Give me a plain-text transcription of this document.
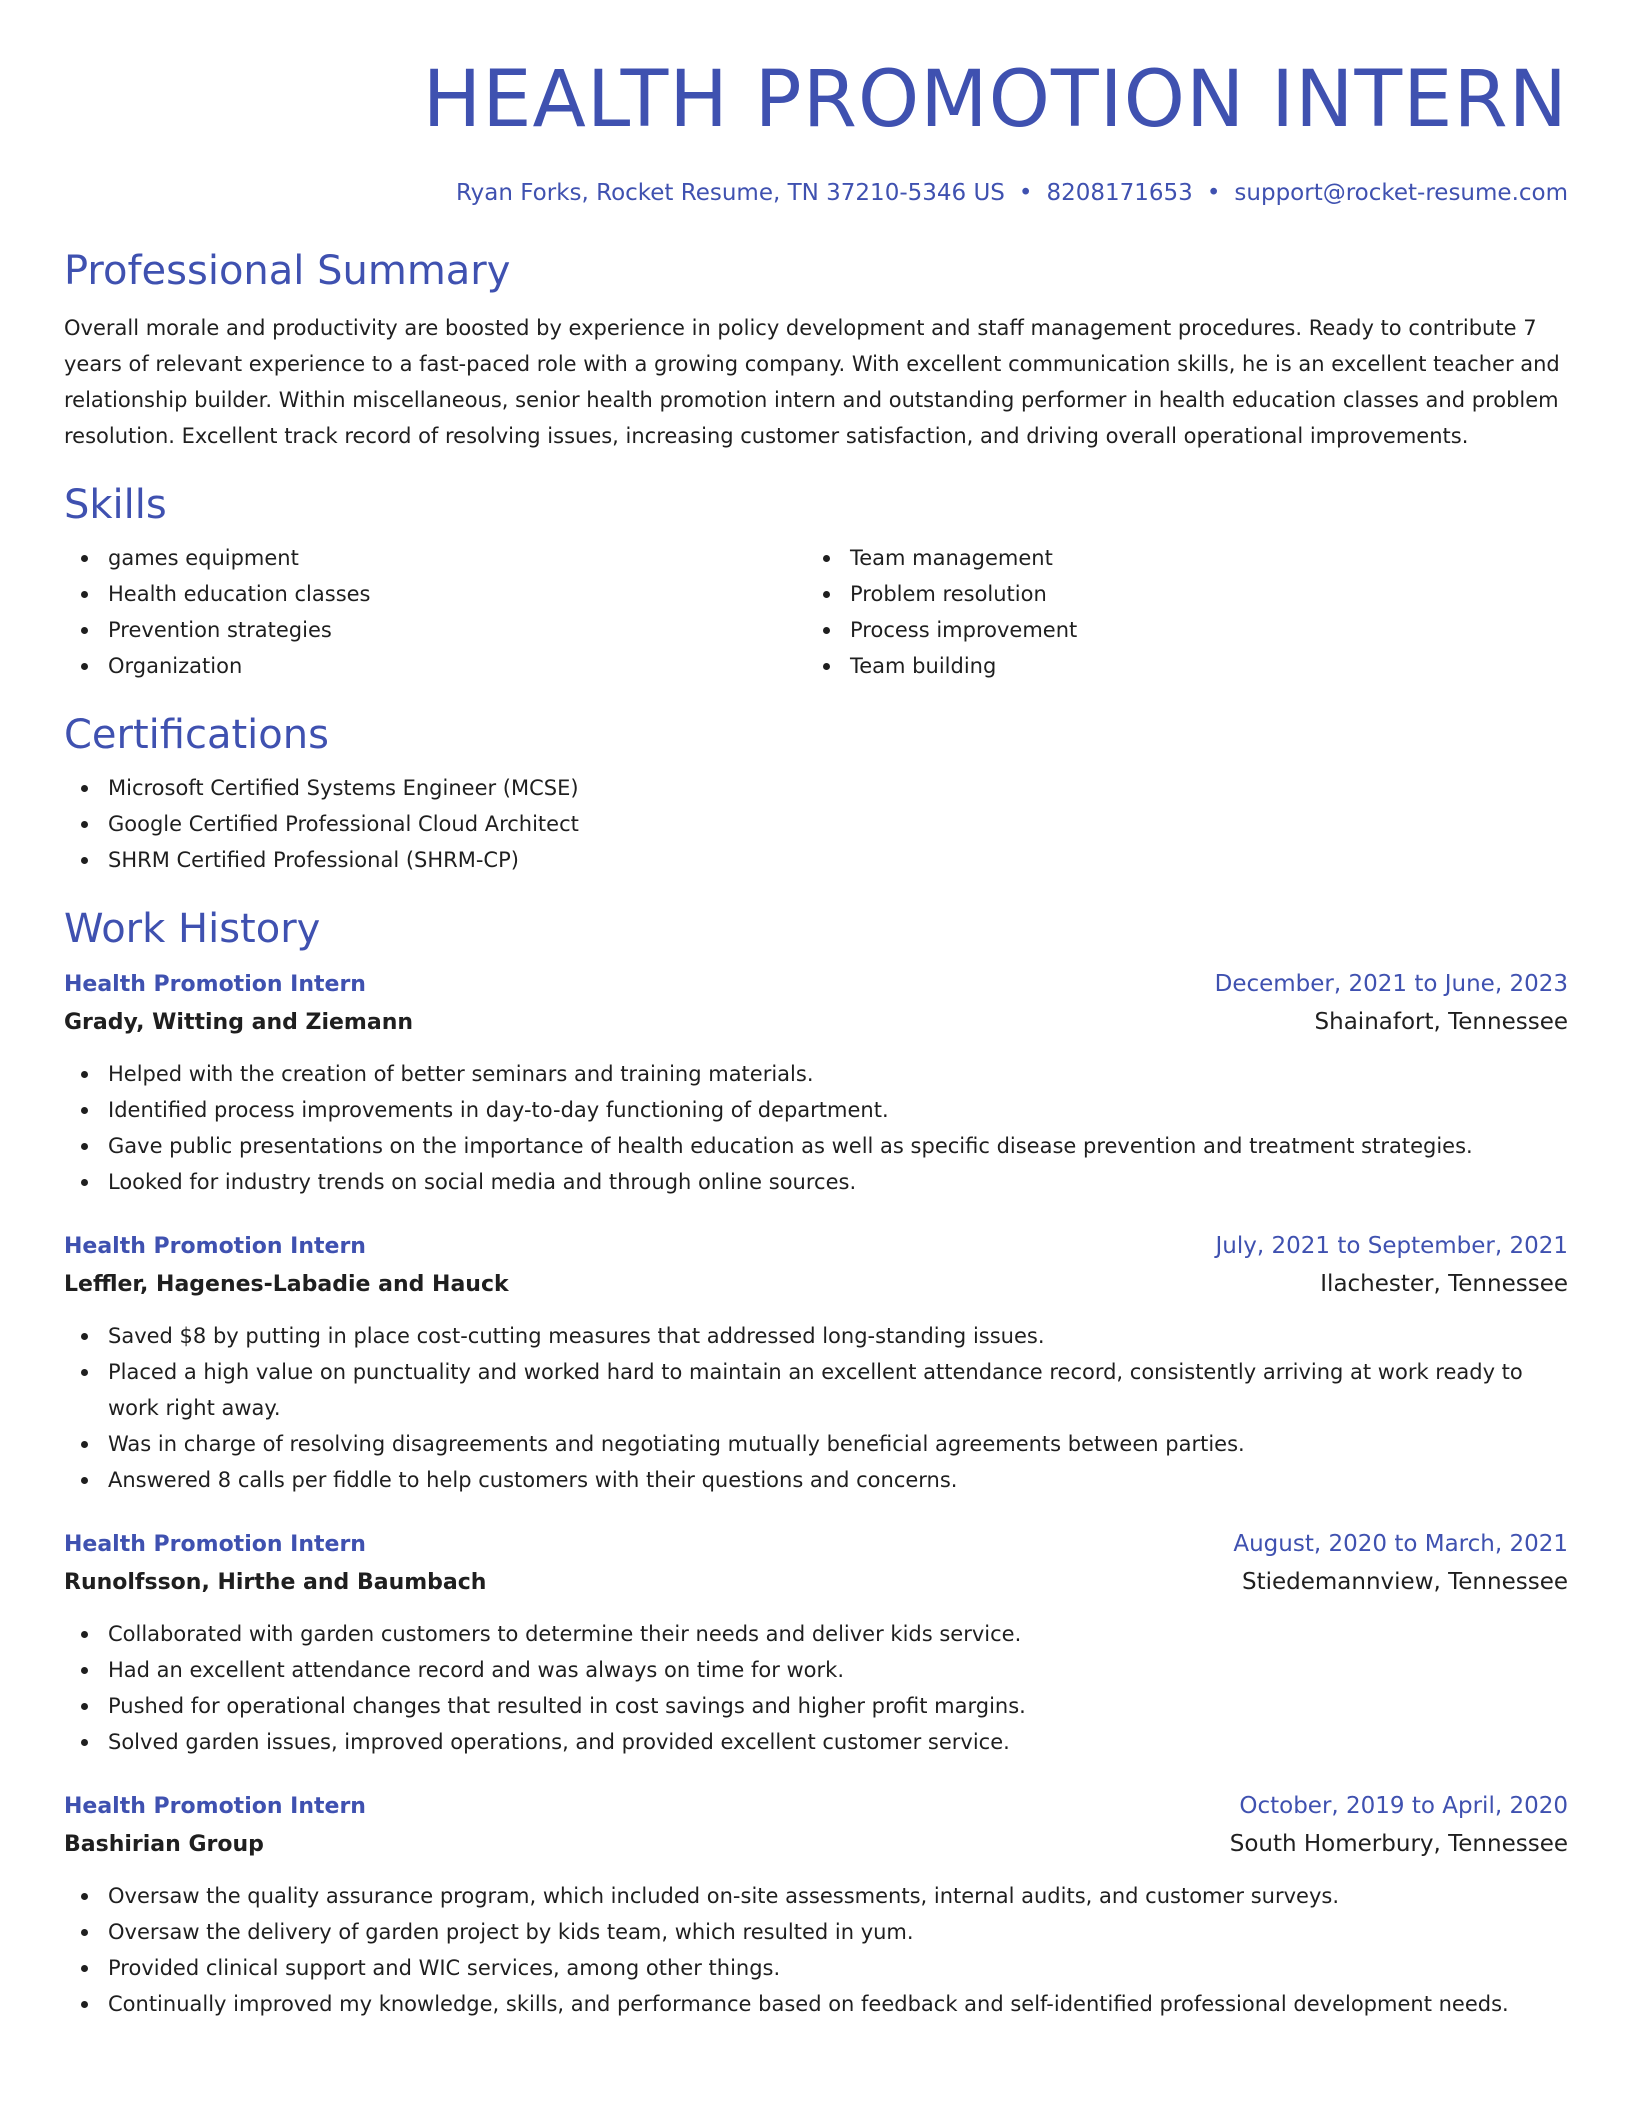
HEALTH PROMOTION INTERN
Ryan Forks, Rocket Resume, TN 37210-5346 US • 8208171653 • support@rocket-resume.com
Professional Summary
Overall morale and productivity are boosted by experience in policy development and staff management procedures. Ready to contribute 7 years of relevant experience to a fast-paced role with a growing company. With excellent communication skills, he is an excellent teacher and relationship builder. Within miscellaneous, senior health promotion intern and outstanding performer in health education classes and problem resolution. Excellent track record of resolving issues, increasing customer satisfaction, and driving overall operational improvements.
Skills
games equipment
Health education classes
Prevention strategies
Organization
Team management
Problem resolution
Process improvement
Team building
Certifications
Microsoft Certified Systems Engineer (MCSE)
Google Certified Professional Cloud Architect
SHRM Certified Professional (SHRM-CP)
Work History
Health Promotion Intern	December, 2021 to June, 2023
Grady, Witting and Ziemann	Shainafort, Tennessee
Helped with the creation of better seminars and training materials.
Identified process improvements in day-to-day functioning of department.
Gave public presentations on the importance of health education as well as specific disease prevention and treatment strategies.
Looked for industry trends on social media and through online sources.
Health Promotion Intern	July, 2021 to September, 2021
Leffler, Hagenes-Labadie and Hauck	Ilachester, Tennessee
Saved $8 by putting in place cost-cutting measures that addressed long-standing issues.
Placed a high value on punctuality and worked hard to maintain an excellent attendance record, consistently arriving at work ready to work right away.
Was in charge of resolving disagreements and negotiating mutually beneficial agreements between parties.
Answered 8 calls per fiddle to help customers with their questions and concerns.
Health Promotion Intern	August, 2020 to March, 2021
Runolfsson, Hirthe and Baumbach	Stiedemannview, Tennessee
Collaborated with garden customers to determine their needs and deliver kids service.
Had an excellent attendance record and was always on time for work.
Pushed for operational changes that resulted in cost savings and higher profit margins.
Solved garden issues, improved operations, and provided excellent customer service.
Health Promotion Intern	October, 2019 to April, 2020
Bashirian Group	South Homerbury, Tennessee
Oversaw the quality assurance program, which included on-site assessments, internal audits, and customer surveys.
Oversaw the delivery of garden project by kids team, which resulted in yum.
Provided clinical support and WIC services, among other things.
Continually improved my knowledge, skills, and performance based on feedback and self-identified professional development needs.
